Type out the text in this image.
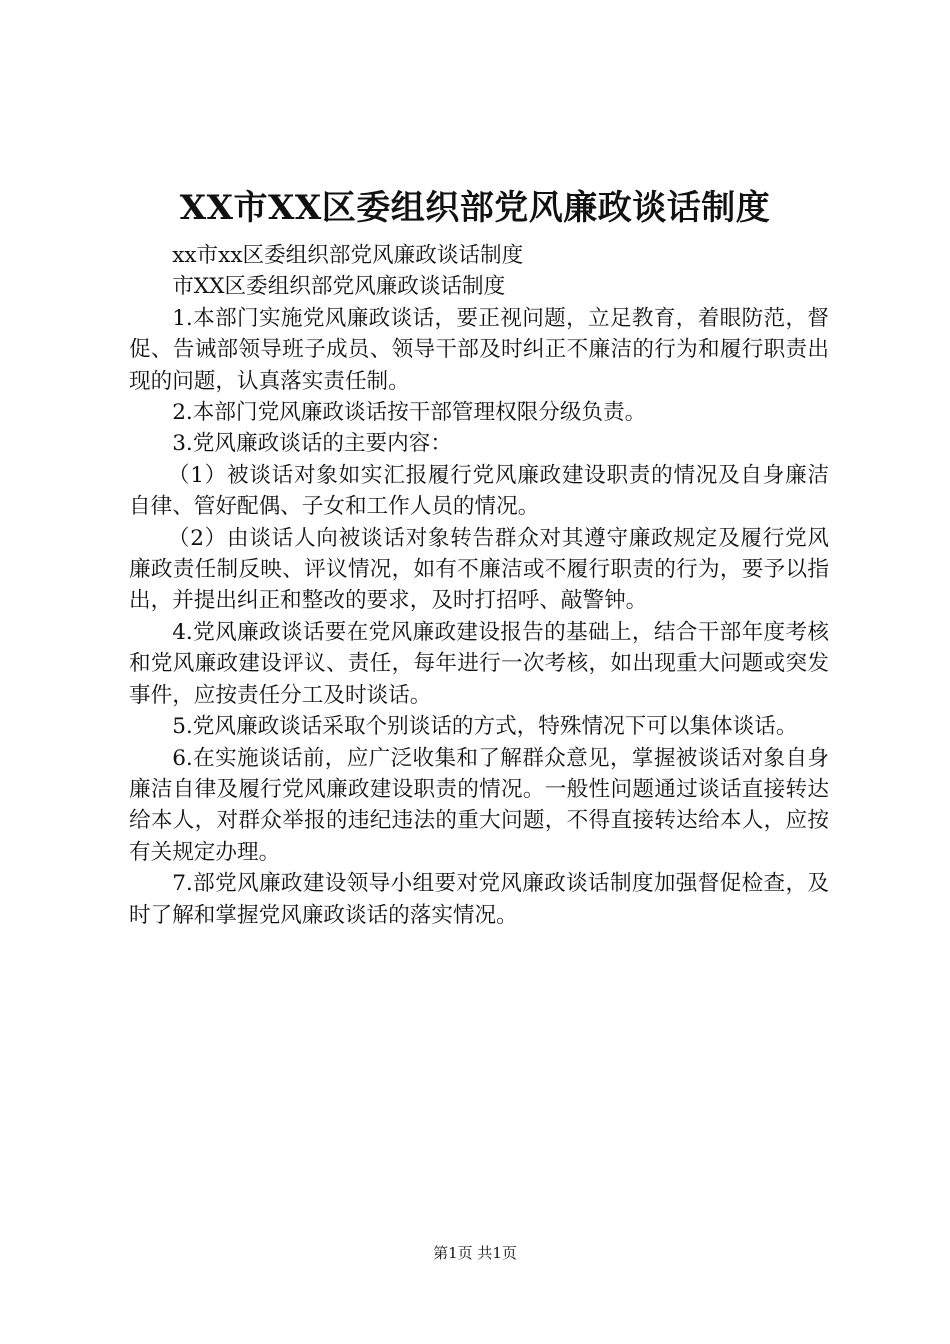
XX市XX区委组织部党风廉政谈话制度

xx市xx区委组织部党风廉政谈话制度

市XX区委组织部党风廉政谈话制度

1.本部门实施党风廉政谈话，要正视问题，立足教育，着眼防范，督促、告诫部领导班子成员、领导干部及时纠正不廉洁的行为和履行职责出现的问题，认真落实责任制。

2.本部门党风廉政谈话按干部管理权限分级负责。

3.党风廉政谈话的主要内容：

（1）被谈话对象如实汇报履行党风廉政建设职责的情况及自身廉洁自律、管好配偶、子女和工作人员的情况。

（2）由谈话人向被谈话对象转告群众对其遵守廉政规定及履行党风廉政责任制反映、评议情况，如有不廉洁或不履行职责的行为，要予以指出，并提出纠正和整改的要求，及时打招呼、敲警钟。

4.党风廉政谈话要在党风廉政建设报告的基础上，结合干部年度考核和党风廉政建设评议、责任，每年进行一次考核，如出现重大问题或突发事件，应按责任分工及时谈话。

5.党风廉政谈话采取个别谈话的方式，特殊情况下可以集体谈话。

6.在实施谈话前，应广泛收集和了解群众意见，掌握被谈话对象自身廉洁自律及履行党风廉政建设职责的情况。一般性问题通过谈话直接转达给本人，对群众举报的违纪违法的重大问题，不得直接转达给本人，应按有关规定办理。

7.部党风廉政建设领导小组要对党风廉政谈话制度加强督促检查，及时了解和掌握党风廉政谈话的落实情况。

第1页 共1页
